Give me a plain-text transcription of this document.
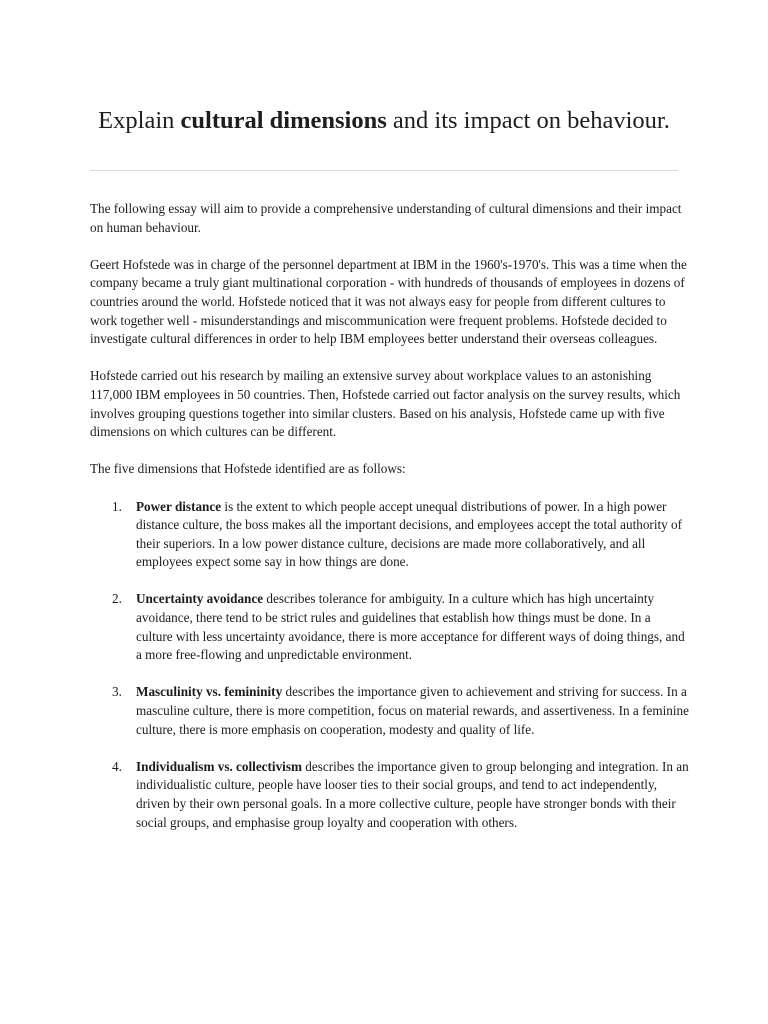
Explain cultural dimensions and its impact on behaviour.

The following essay will aim to provide a comprehensive understanding of cultural dimensions and their impact on human behaviour.

Geert Hofstede was in charge of the personnel department at IBM in the 1960's-1970's. This was a time when the company became a truly giant multinational corporation - with hundreds of thousands of employees in dozens of countries around the world. Hofstede noticed that it was not always easy for people from different cultures to work together well - misunderstandings and miscommunication were frequent problems. Hofstede decided to investigate cultural differences in order to help IBM employees better understand their overseas colleagues.

Hofstede carried out his research by mailing an extensive survey about workplace values to an astonishing 117,000 IBM employees in 50 countries. Then, Hofstede carried out factor analysis on the survey results, which involves grouping questions together into similar clusters. Based on his analysis, Hofstede came up with five dimensions on which cultures can be different.

The five dimensions that Hofstede identified are as follows:

1. Power distance is the extent to which people accept unequal distributions of power. In a high power distance culture, the boss makes all the important decisions, and employees accept the total authority of their superiors. In a low power distance culture, decisions are made more collaboratively, and all employees expect some say in how things are done.
2. Uncertainty avoidance describes tolerance for ambiguity. In a culture which has high uncertainty avoidance, there tend to be strict rules and guidelines that establish how things must be done. In a culture with less uncertainty avoidance, there is more acceptance for different ways of doing things, and a more free-flowing and unpredictable environment.
3. Masculinity vs. femininity describes the importance given to achievement and striving for success. In a masculine culture, there is more competition, focus on material rewards, and assertiveness. In a feminine culture, there is more emphasis on cooperation, modesty and quality of life.
4. Individualism vs. collectivism describes the importance given to group belonging and integration. In an individualistic culture, people have looser ties to their social groups, and tend to act independently, driven by their own personal goals. In a more collective culture, people have stronger bonds with their social groups, and emphasise group loyalty and cooperation with others.
